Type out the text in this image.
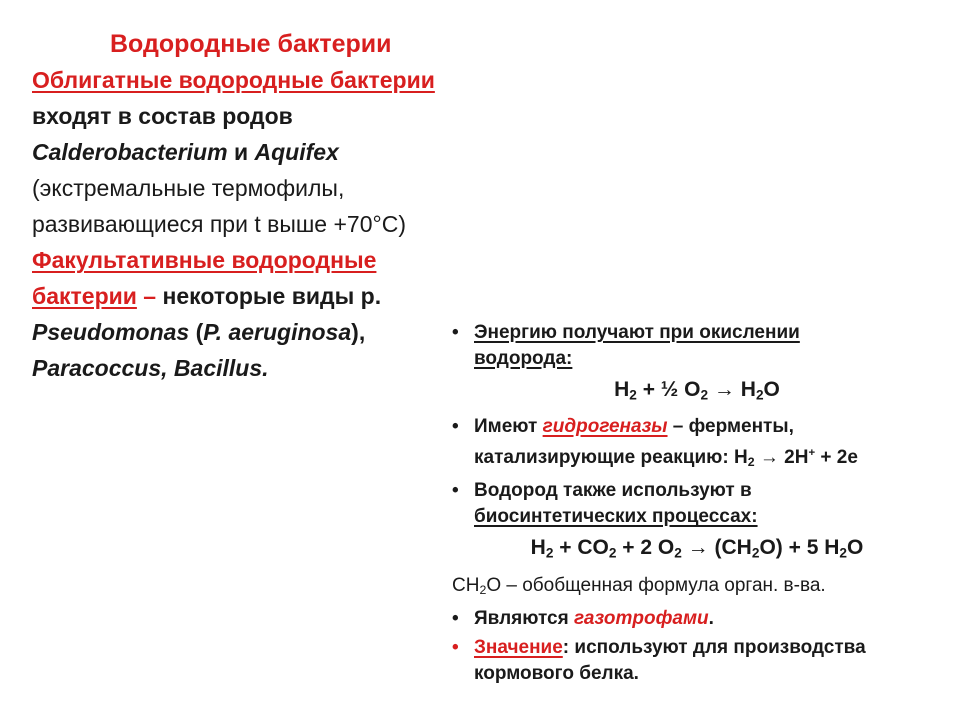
Водородные бактерии
Облигатные водородные бактерии
входят в состав родов
Calderobacterium и Aquifex
(экстремальные термофилы,
развивающиеся при t выше +70°C)
Факультативные водородные
бактерии – некоторые виды р.
Pseudomonas (P. aeruginosa),
Paracoccus, Bacillus.
• Энергию получают при окислении
водорода:
$H_2$ + ½ $O_2 \to H_2O$
• Имеют гидрогеназы – ферменты,
катализирующие реакцию: $H_2 \to 2H^+ + 2e$
• Водород также используют в
биосинтетических процессах:
$H_2 + CO_2 + 2$ $O_2 \to (CH_2O) + 5$ $H_2O$
$CH_2O$ – обобщенная формула орган. в-ва.
• Являются газотрофами.
• Значение: используют для производства
кормового белка.
